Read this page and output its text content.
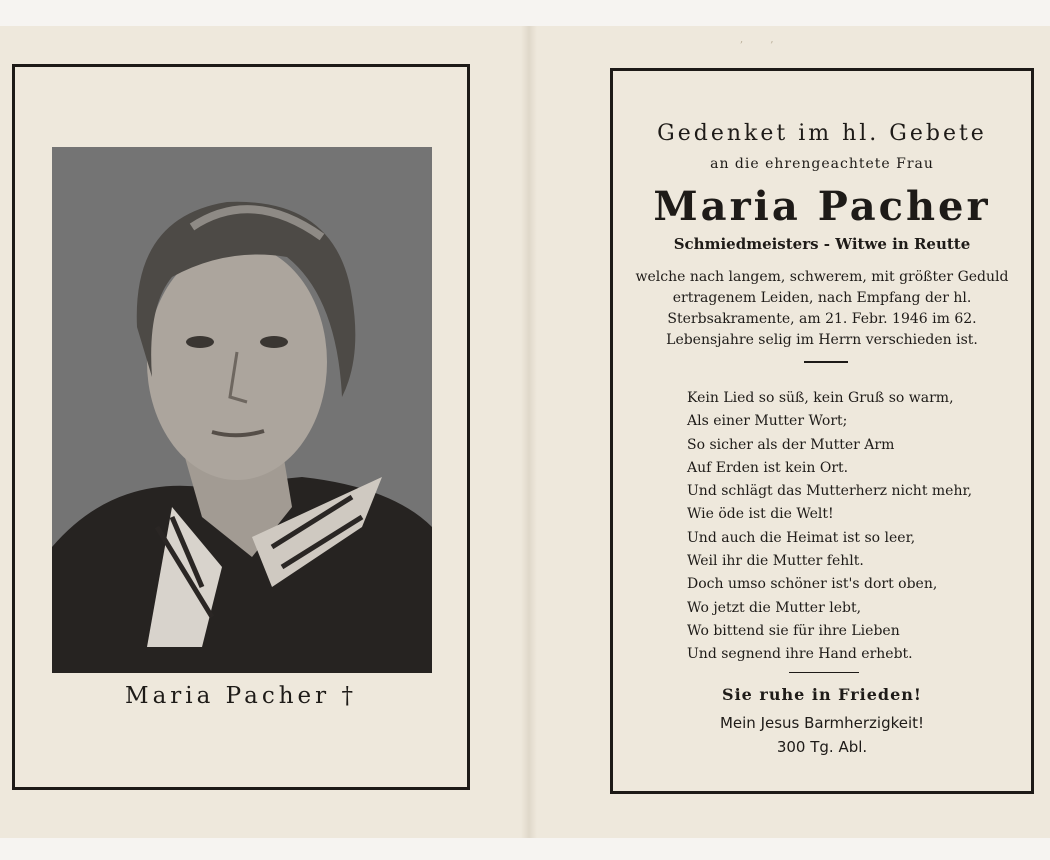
, ,
Maria Pacher †
Gedenket im hl. Gebete
an die ehrengeachtete Frau
Maria Pacher
Schmiedmeisters - Witwe in Reutte
welche nach langem, schwerem, mit größter Geduld ertragenem Leiden, nach Empfang der hl. Sterbsakramente, am 21. Febr. 1946 im 62. Lebensjahre selig im Herrn verschieden ist.
Kein Lied so süß, kein Gruß so warm,
Als einer Mutter Wort;
So sicher als der Mutter Arm
Auf Erden ist kein Ort.
Und schlägt das Mutterherz nicht mehr,
Wie öde ist die Welt!
Und auch die Heimat ist so leer,
Weil ihr die Mutter fehlt.
Doch umso schöner ist's dort oben,
Wo jetzt die Mutter lebt,
Wo bittend sie für ihre Lieben
Und segnend ihre Hand erhebt.
Sie ruhe in Frieden!
Mein Jesus Barmherzigkeit!
300 Tg. Abl.
